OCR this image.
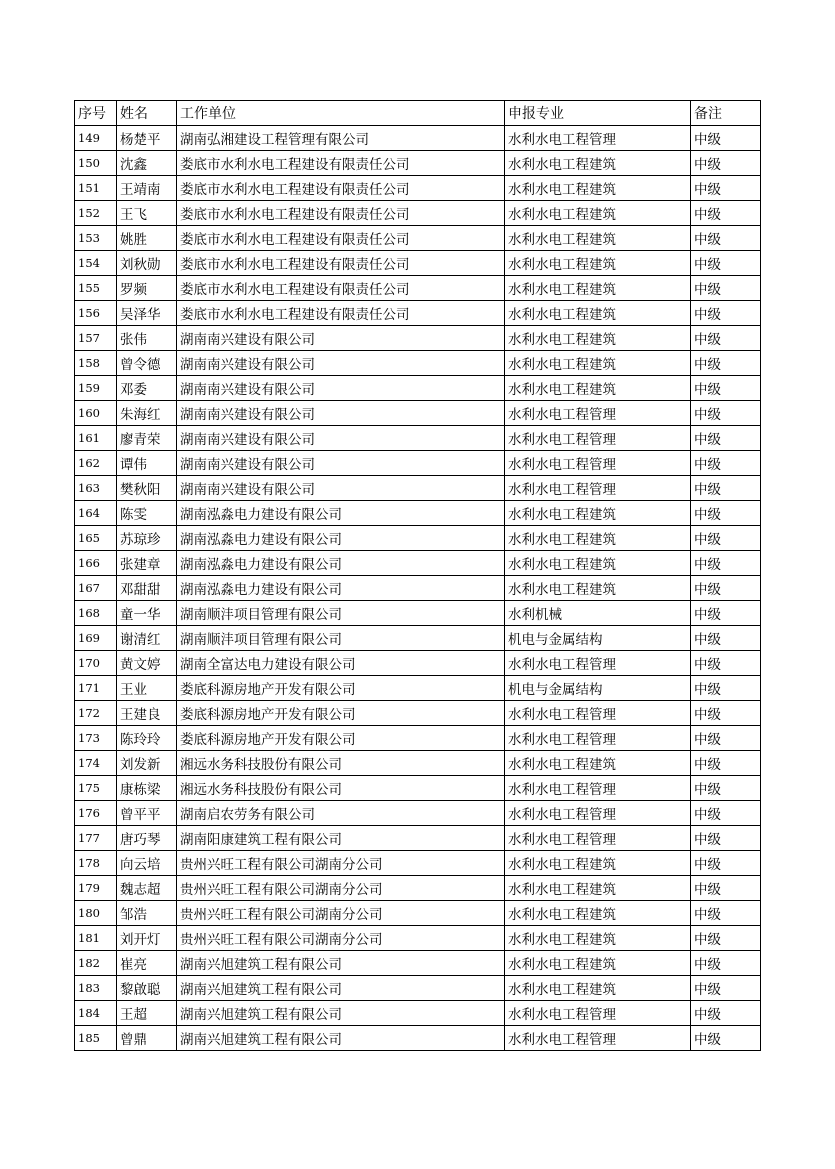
序号	姓名	工作单位	申报专业	备注
149	杨楚平	湖南弘湘建设工程管理有限公司	水利水电工程管理	中级
150	沈鑫	娄底市水利水电工程建设有限责任公司	水利水电工程建筑	中级
151	王靖南	娄底市水利水电工程建设有限责任公司	水利水电工程建筑	中级
152	王飞	娄底市水利水电工程建设有限责任公司	水利水电工程建筑	中级
153	姚胜	娄底市水利水电工程建设有限责任公司	水利水电工程建筑	中级
154	刘秋勋	娄底市水利水电工程建设有限责任公司	水利水电工程建筑	中级
155	罗频	娄底市水利水电工程建设有限责任公司	水利水电工程建筑	中级
156	吴泽华	娄底市水利水电工程建设有限责任公司	水利水电工程建筑	中级
157	张伟	湖南南兴建设有限公司	水利水电工程建筑	中级
158	曾令德	湖南南兴建设有限公司	水利水电工程建筑	中级
159	邓委	湖南南兴建设有限公司	水利水电工程建筑	中级
160	朱海红	湖南南兴建设有限公司	水利水电工程管理	中级
161	廖青荣	湖南南兴建设有限公司	水利水电工程管理	中级
162	谭伟	湖南南兴建设有限公司	水利水电工程管理	中级
163	樊秋阳	湖南南兴建设有限公司	水利水电工程管理	中级
164	陈雯	湖南泓淼电力建设有限公司	水利水电工程建筑	中级
165	苏琼珍	湖南泓淼电力建设有限公司	水利水电工程建筑	中级
166	张建章	湖南泓淼电力建设有限公司	水利水电工程建筑	中级
167	邓甜甜	湖南泓淼电力建设有限公司	水利水电工程建筑	中级
168	童一华	湖南顺沣项目管理有限公司	水利机械	中级
169	谢清红	湖南顺沣项目管理有限公司	机电与金属结构	中级
170	黄文婷	湖南全富达电力建设有限公司	水利水电工程管理	中级
171	王业	娄底科源房地产开发有限公司	机电与金属结构	中级
172	王建良	娄底科源房地产开发有限公司	水利水电工程管理	中级
173	陈玲玲	娄底科源房地产开发有限公司	水利水电工程管理	中级
174	刘发新	湘远水务科技股份有限公司	水利水电工程建筑	中级
175	康栋梁	湘远水务科技股份有限公司	水利水电工程管理	中级
176	曾平平	湖南启农劳务有限公司	水利水电工程管理	中级
177	唐巧琴	湖南阳康建筑工程有限公司	水利水电工程管理	中级
178	向云培	贵州兴旺工程有限公司湖南分公司	水利水电工程建筑	中级
179	魏志超	贵州兴旺工程有限公司湖南分公司	水利水电工程建筑	中级
180	邹浩	贵州兴旺工程有限公司湖南分公司	水利水电工程建筑	中级
181	刘开灯	贵州兴旺工程有限公司湖南分公司	水利水电工程建筑	中级
182	崔亮	湖南兴旭建筑工程有限公司	水利水电工程建筑	中级
183	黎啟聪	湖南兴旭建筑工程有限公司	水利水电工程建筑	中级
184	王超	湖南兴旭建筑工程有限公司	水利水电工程管理	中级
185	曾鼎	湖南兴旭建筑工程有限公司	水利水电工程管理	中级
